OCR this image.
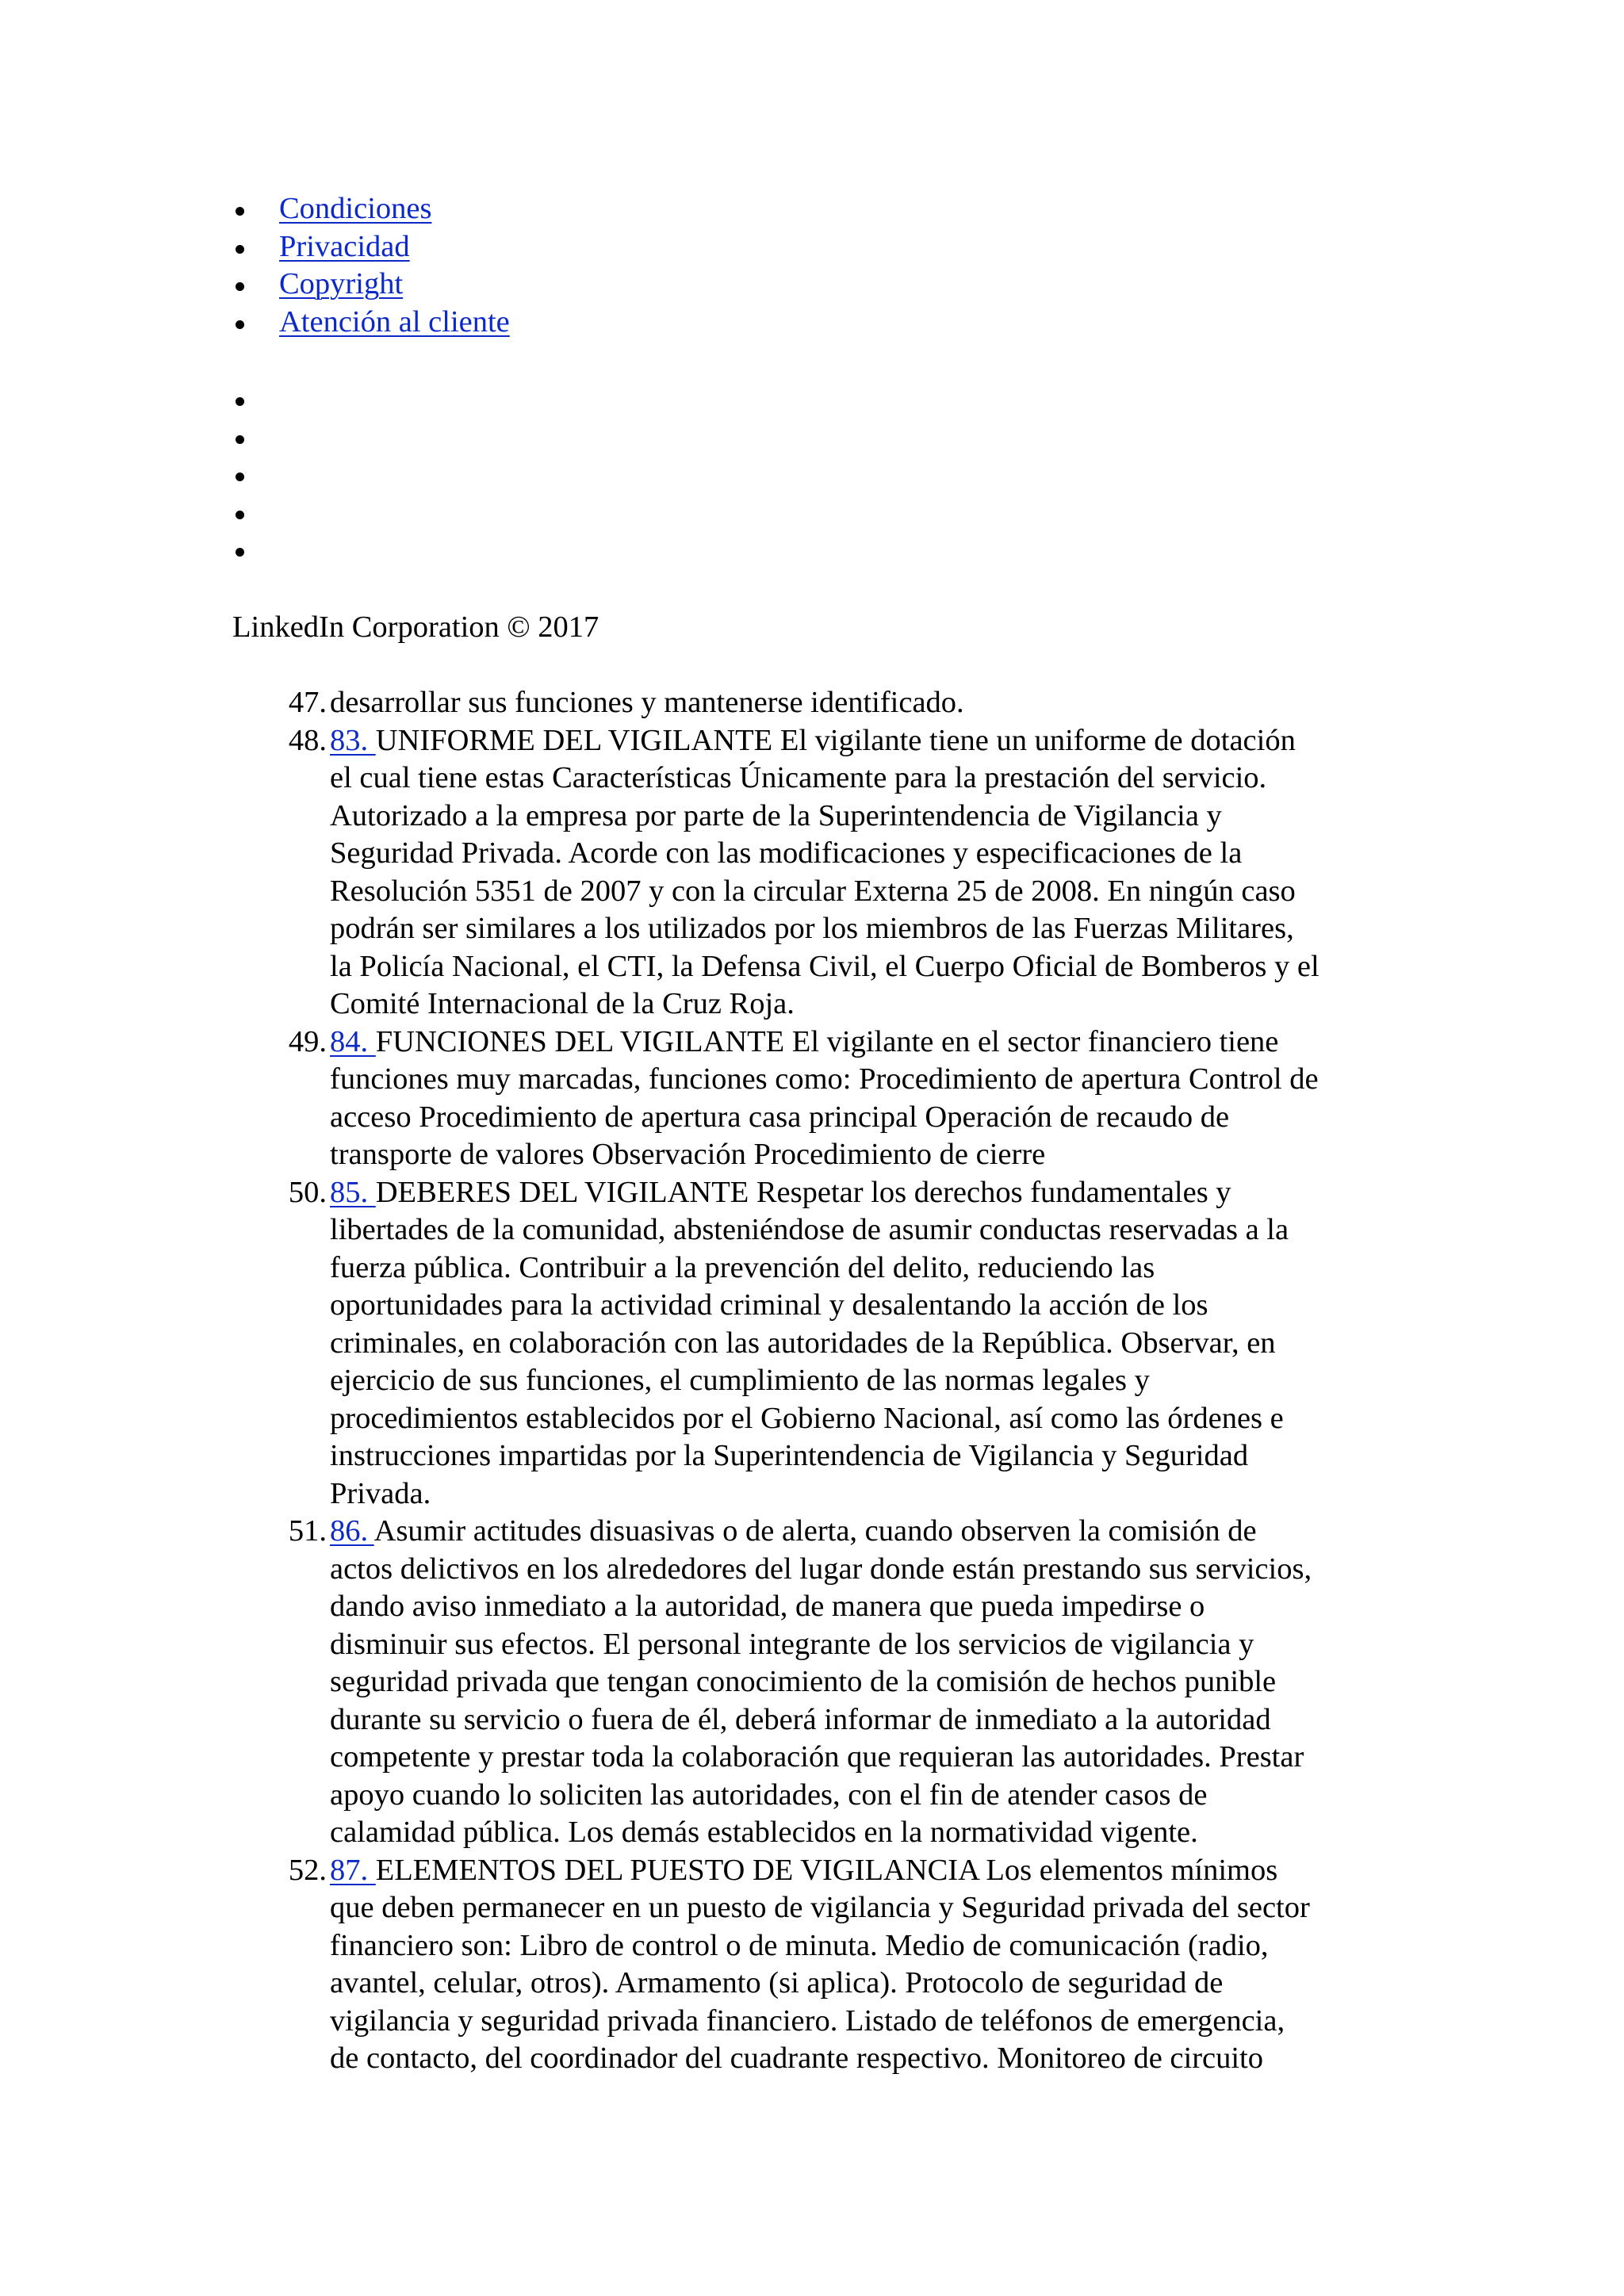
Condiciones
Privacidad
Copyright
Atención al cliente
LinkedIn Corporation © 2017
47. desarrollar sus funciones y mantenerse identificado.
48. 83. UNIFORME DEL VIGILANTE El vigilante tiene un uniforme de dotación
el cual tiene estas Características Únicamente para la prestación del servicio.
Autorizado a la empresa por parte de la Superintendencia de Vigilancia y
Seguridad Privada. Acorde con las modificaciones y especificaciones de la
Resolución 5351 de 2007 y con la circular Externa 25 de 2008. En ningún caso
podrán ser similares a los utilizados por los miembros de las Fuerzas Militares,
la Policía Nacional, el CTI, la Defensa Civil, el Cuerpo Oficial de Bomberos y el
Comité Internacional de la Cruz Roja.
49. 84. FUNCIONES DEL VIGILANTE El vigilante en el sector financiero tiene
funciones muy marcadas, funciones como: Procedimiento de apertura Control de
acceso Procedimiento de apertura casa principal Operación de recaudo de
transporte de valores Observación Procedimiento de cierre
50. 85. DEBERES DEL VIGILANTE Respetar los derechos fundamentales y
libertades de la comunidad, absteniéndose de asumir conductas reservadas a la
fuerza pública. Contribuir a la prevención del delito, reduciendo las
oportunidades para la actividad criminal y desalentando la acción de los
criminales, en colaboración con las autoridades de la República. Observar, en
ejercicio de sus funciones, el cumplimiento de las normas legales y
procedimientos establecidos por el Gobierno Nacional, así como las órdenes e
instrucciones impartidas por la Superintendencia de Vigilancia y Seguridad
Privada.
51. 86. Asumir actitudes disuasivas o de alerta, cuando observen la comisión de
actos delictivos en los alrededores del lugar donde están prestando sus servicios,
dando aviso inmediato a la autoridad, de manera que pueda impedirse o
disminuir sus efectos. El personal integrante de los servicios de vigilancia y
seguridad privada que tengan conocimiento de la comisión de hechos punible
durante su servicio o fuera de él, deberá informar de inmediato a la autoridad
competente y prestar toda la colaboración que requieran las autoridades. Prestar
apoyo cuando lo soliciten las autoridades, con el fin de atender casos de
calamidad pública. Los demás establecidos en la normatividad vigente.
52. 87. ELEMENTOS DEL PUESTO DE VIGILANCIA Los elementos mínimos
que deben permanecer en un puesto de vigilancia y Seguridad privada del sector
financiero son: Libro de control o de minuta. Medio de comunicación (radio,
avantel, celular, otros). Armamento (si aplica). Protocolo de seguridad de
vigilancia y seguridad privada financiero. Listado de teléfonos de emergencia,
de contacto, del coordinador del cuadrante respectivo. Monitoreo de circuito
